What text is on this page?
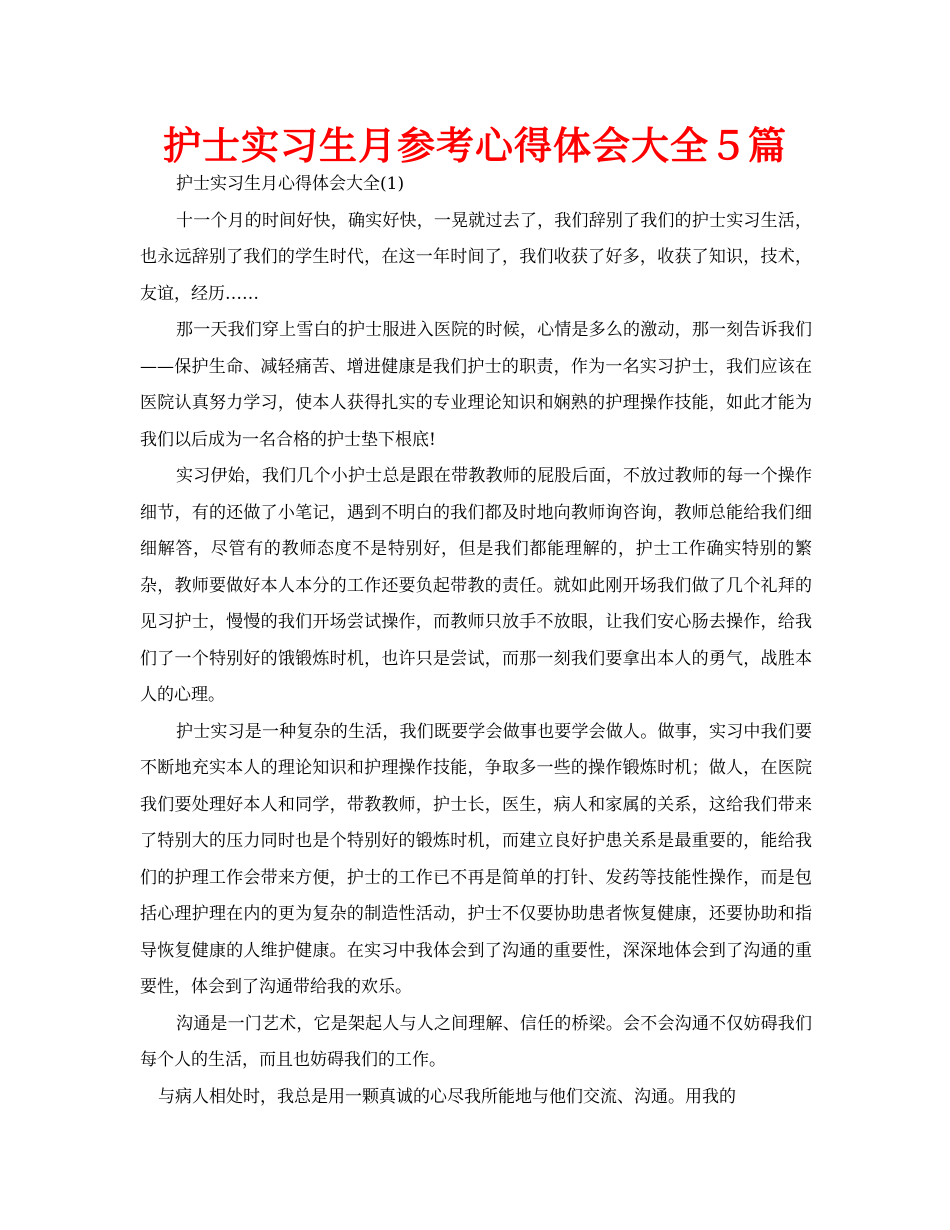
护士实习生月参考心得体会大全５篇

护士实习生月心得体会大全(1)

十一个月的时间好快，确实好快，一晃就过去了，我们辞别了我们的护士实习生活，也永远辞别了我们的学生时代，在这一年时间了，我们收获了好多，收获了知识，技术，友谊，经历……

那一天我们穿上雪白的护士服进入医院的时候，心情是多么的激动，那一刻告诉我们——保护生命、减轻痛苦、增进健康是我们护士的职责，作为一名实习护士，我们应该在医院认真努力学习，使本人获得扎实的专业理论知识和娴熟的护理操作技能，如此才能为我们以后成为一名合格的护士垫下根底!

实习伊始，我们几个小护士总是跟在带教教师的屁股后面，不放过教师的每一个操作细节，有的还做了小笔记，遇到不明白的我们都及时地向教师询咨询，教师总能给我们细细解答，尽管有的教师态度不是特别好，但是我们都能理解的，护士工作确实特别的繁杂，教师要做好本人本分的工作还要负起带教的责任。就如此刚开场我们做了几个礼拜的见习护士，慢慢的我们开场尝试操作，而教师只放手不放眼，让我们安心肠去操作，给我们了一个特别好的饿锻炼时机，也许只是尝试，而那一刻我们要拿出本人的勇气，战胜本人的心理。

护士实习是一种复杂的生活，我们既要学会做事也要学会做人。做事，实习中我们要不断地充实本人的理论知识和护理操作技能，争取多一些的操作锻炼时机；做人，在医院我们要处理好本人和同学，带教教师，护士长，医生，病人和家属的关系，这给我们带来了特别大的压力同时也是个特别好的锻炼时机，而建立良好护患关系是最重要的，能给我们的护理工作会带来方便，护士的工作已不再是简单的打针、发药等技能性操作，而是包括心理护理在内的更为复杂的制造性活动，护士不仅要协助患者恢复健康，还要协助和指导恢复健康的人维护健康。在实习中我体会到了沟通的重要性，深深地体会到了沟通的重要性，体会到了沟通带给我的欢乐。

沟通是一门艺术，它是架起人与人之间理解、信任的桥梁。会不会沟通不仅妨碍我们每个人的生活，而且也妨碍我们的工作。

与病人相处时，我总是用一颗真诚的心尽我所能地与他们交流、沟通。用我的
